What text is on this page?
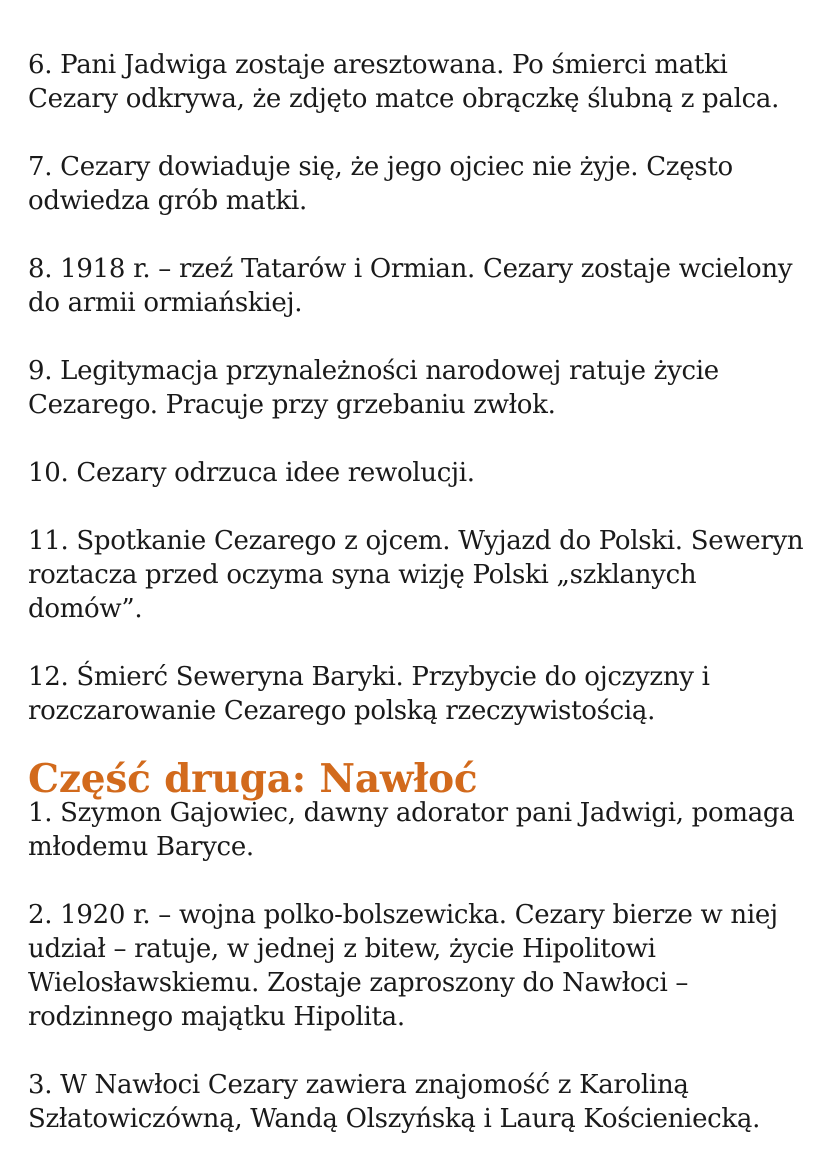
6. Pani Jadwiga zostaje aresztowana. Po śmierci matki Cezary odkrywa, że zdjęto matce obrączkę ślubną z palca.

7. Cezary dowiaduje się, że jego ojciec nie żyje. Często odwiedza grób matki.

8. 1918 r. – rzeź Tatarów i Ormian. Cezary zostaje wcielony do armii ormiańskiej.

9. Legitymacja przynależności narodowej ratuje życie Cezarego. Pracuje przy grzebaniu zwłok.

10. Cezary odrzuca idee rewolucji.

11. Spotkanie Cezarego z ojcem. Wyjazd do Polski. Seweryn roztacza przed oczyma syna wizję Polski „szklanych domów”.

12. Śmierć Seweryna Baryki. Przybycie do ojczyzny i rozczarowanie Cezarego polską rzeczywistością.

Część druga: Nawłoć

1. Szymon Gajowiec, dawny adorator pani Jadwigi, pomaga młodemu Baryce.

2. 1920 r. – wojna polko-bolszewicka. Cezary bierze w niej udział – ratuje, w jednej z bitew, życie Hipolitowi Wielosławskiemu. Zostaje zaproszony do Nawłoci – rodzinnego majątku Hipolita.

3. W Nawłoci Cezary zawiera znajomość z Karoliną Szłatowiczówną, Wandą Olszyńską i Laurą Kościeniecką.
